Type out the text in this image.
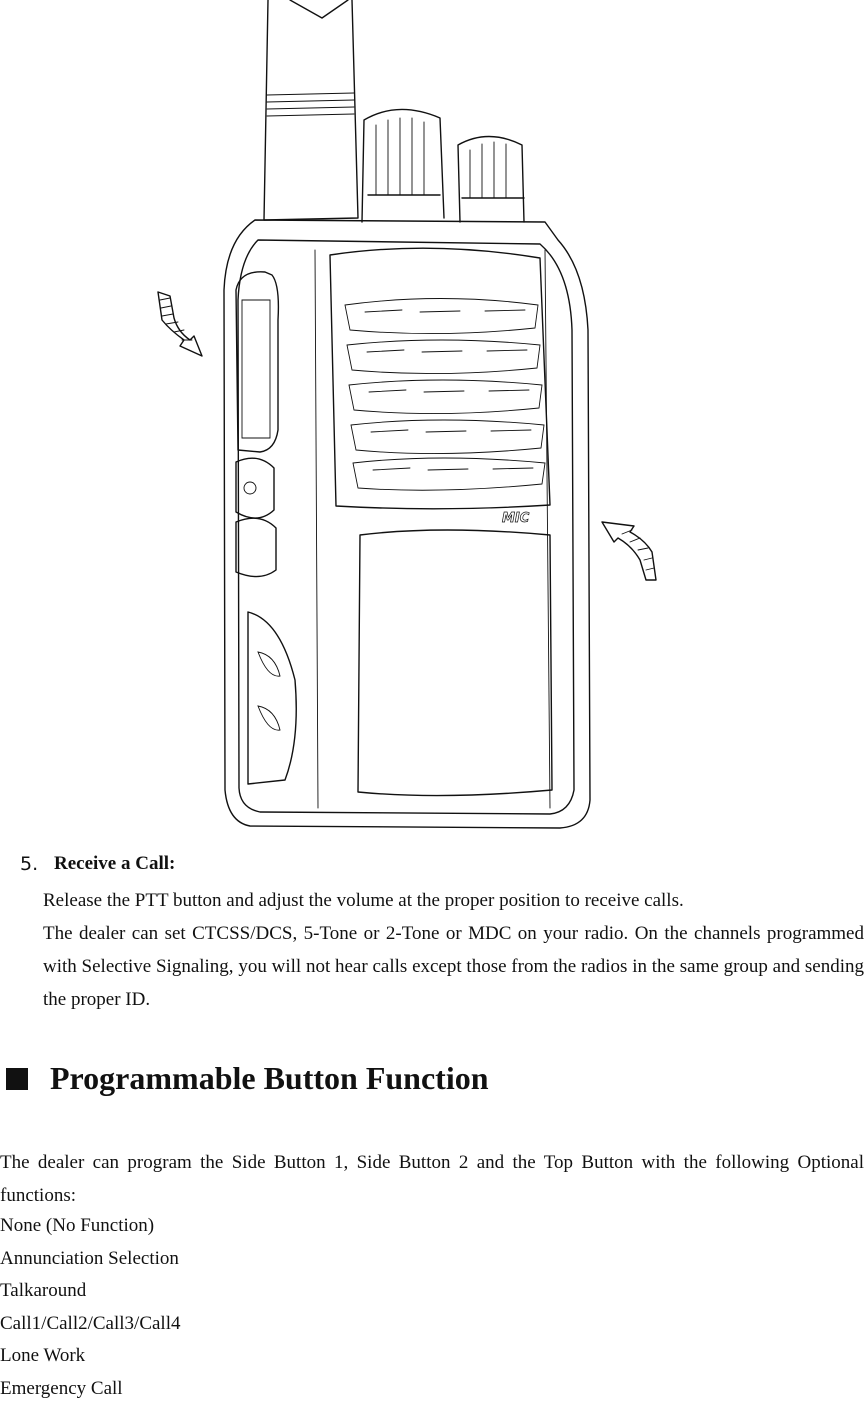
MIC
5. Receive a Call:
Release the PTT button and adjust the volume at the proper position to receive calls.
The dealer can set CTCSS/DCS, 5-Tone or 2-Tone or MDC on your radio. On the channels programmed with Selective Signaling, you will not hear calls except those from the radios in the same group and sending the proper ID.
Programmable Button Function
The dealer can program the Side Button 1, Side Button 2 and the Top Button with the following Optional functions:
None (No Function)
Annunciation Selection
Talkaround
Call1/Call2/Call3/Call4
Lone Work
Emergency Call
